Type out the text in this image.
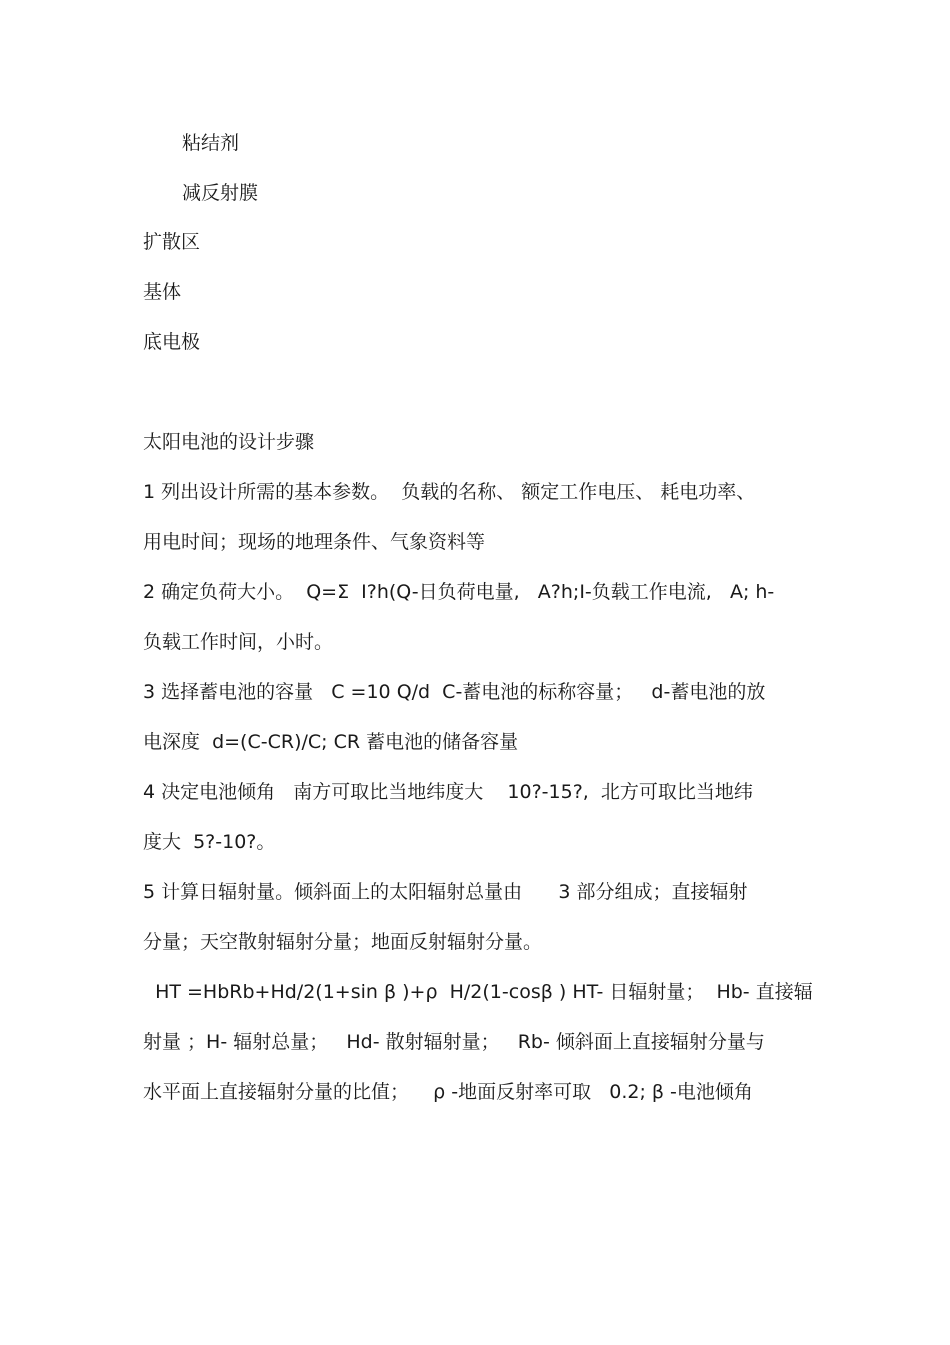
粘结剂
减反射膜
扩散区
基体
底电极
太阳电池的设计步骤
1 列出设计所需的基本参数。  负载的名称、 额定工作电压、 耗电功率、
用电时间；现场的地理条件、气象资料等
2 确定负荷大小。  Q=Σ  I?h(Q-日负荷电量,   A?h;I-负载工作电流,   A; h-
负载工作时间，小时。
3 选择蓄电池的容量   C =10 Q/d  C-蓄电池的标称容量；   d-蓄电池的放
电深度  d=(C-CR)/C; CR 蓄电池的储备容量
4 决定电池倾角   南方可取比当地纬度大    10?-15?,  北方可取比当地纬
度大  5?-10?。
5 计算日辐射量。倾斜面上的太阳辐射总量由      3 部分组成；直接辐射
分量；天空散射辐射分量；地面反射辐射分量。
HT =HbRb+Hd/2(1+sin β )+ρ  H/2(1-cosβ ) HT- 日辐射量；  Hb- 直接辐
射量 ；H- 辐射总量；   Hd- 散射辐射量；   Rb- 倾斜面上直接辐射分量与
水平面上直接辐射分量的比值；    ρ -地面反射率可取   0.2; β -电池倾角
